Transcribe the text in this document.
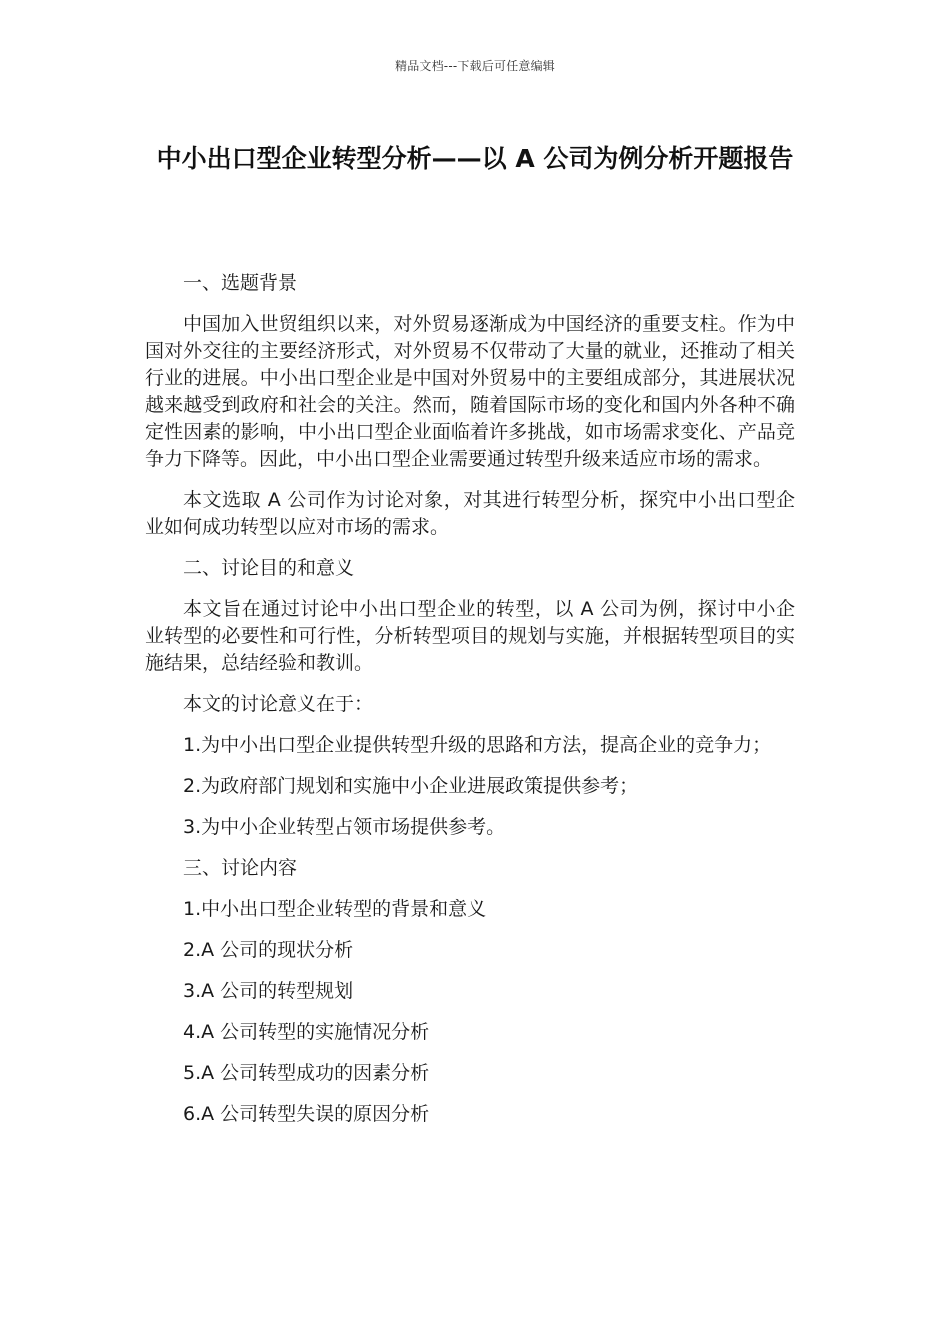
精品文档---下载后可任意编辑
中小出口型企业转型分析——以 A 公司为例分析开题报告

一、选题背景

中国加入世贸组织以来，对外贸易逐渐成为中国经济的重要支柱。作为中国对外交往的主要经济形式，对外贸易不仅带动了大量的就业，还推动了相关行业的进展。中小出口型企业是中国对外贸易中的主要组成部分，其进展状况越来越受到政府和社会的关注。然而，随着国际市场的变化和国内外各种不确定性因素的影响，中小出口型企业面临着许多挑战，如市场需求变化、产品竞争力下降等。因此，中小出口型企业需要通过转型升级来适应市场的需求。

本文选取 A 公司作为讨论对象，对其进行转型分析，探究中小出口型企业如何成功转型以应对市场的需求。

二、讨论目的和意义

本文旨在通过讨论中小出口型企业的转型，以 A 公司为例，探讨中小企业转型的必要性和可行性，分析转型项目的规划与实施，并根据转型项目的实施结果，总结经验和教训。

本文的讨论意义在于：

1.为中小出口型企业提供转型升级的思路和方法，提高企业的竞争力；

2.为政府部门规划和实施中小企业进展政策提供参考；

3.为中小企业转型占领市场提供参考。

三、讨论内容

1.中小出口型企业转型的背景和意义

2.A 公司的现状分析

3.A 公司的转型规划

4.A 公司转型的实施情况分析

5.A 公司转型成功的因素分析

6.A 公司转型失误的原因分析
